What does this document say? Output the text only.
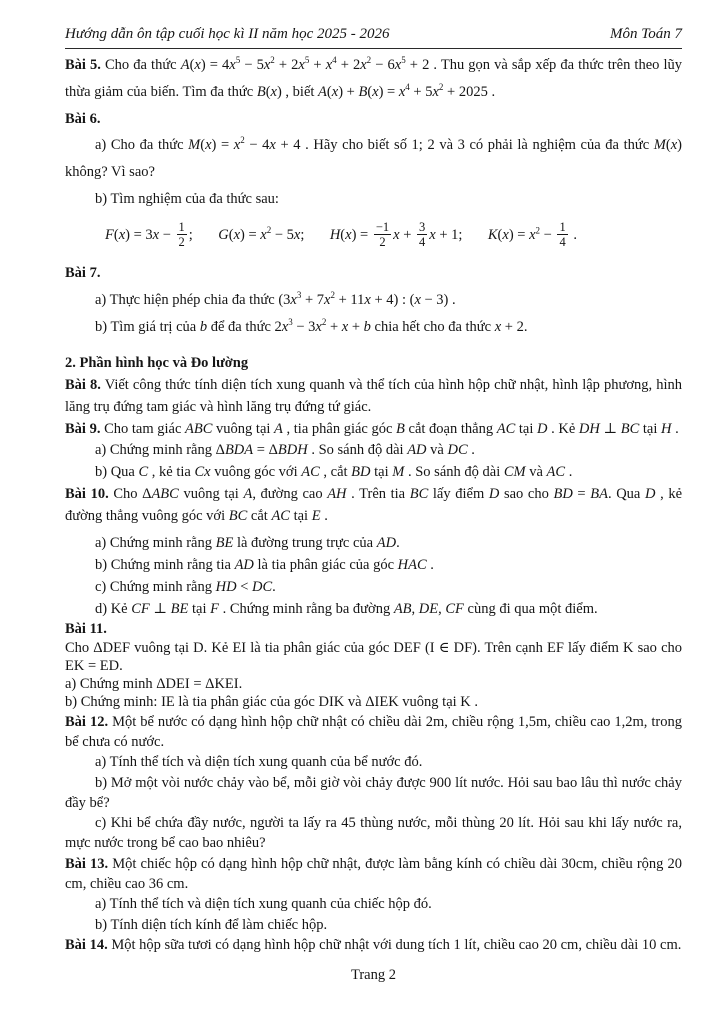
Hướng dẫn ôn tập cuối học kì II năm học 2025 - 2026	Môn Toán 7

Bài 5. Cho đa thức $A(x) = 4x^5 - 5x^2 + 2x^5 + x^4 + 2x^2 - 6x^5 + 2$ . Thu gọn và sắp xếp đa thức trên theo lũy thừa giảm của biến. Tìm đa thức B(x) , biết $A(x) + B(x) = x^4 + 5x^2 + 2025$ .

Bài 6.

a) Cho đa thức $M(x) = x^2 - 4x + 4$ . Hãy cho biết số 1; 2 và 3 có phải là nghiệm của đa thức M(x) không? Vì sao?

b) Tìm nghiệm của đa thức sau:

$F(x) = 3x - \frac{1}{2}$ ; $G(x) = x^2 - 5x$; $H(x) = \frac{-1}{2}$ $x + \frac{3}{4}$ x + 1; $K(x) = x^2 - \frac{1}{4}$ .

Bài 7.

a) Thực hiện phép chia đa thức $(3x^3 + 7x^2 + 11x + 4)$ : (x − 3) .

b) Tìm giá trị của b để đa thức $2x^3 - 3x^2 + x + b$ chia hết cho đa thức x + 2.

2. Phần hình học và Đo lường

Bài 8. Viết công thức tính diện tích xung quanh và thể tích của hình hộp chữ nhật, hình lập phương, hình lăng trụ đứng tam giác và hình lăng trụ đứng tứ giác.

Bài 9. Cho tam giác ABC vuông tại A , tia phân giác góc B cắt đoạn thẳng AC tại D . Kẻ DH ⊥ BC tại H .

a) Chứng minh rằng ΔBDA = ΔBDH . So sánh độ dài AD và DC .

b) Qua C , kẻ tia Cx vuông góc với AC , cắt BD tại M . So sánh độ dài CM và AC .

Bài 10. Cho ΔABC vuông tại A, đường cao AH . Trên tia BC lấy điểm D sao cho BD = BA. Qua D , kẻ đường thẳng vuông góc với BC cắt AC tại E .

a) Chứng minh rằng BE là đường trung trực của AD.

b) Chứng minh rằng tia AD là tia phân giác của góc HAC .

c) Chứng minh rằng HD < DC.

d) Kẻ CF ⊥ BE tại F . Chứng minh rằng ba đường AB, DE, CF cùng đi qua một điểm.

Bài 11.

Cho ΔDEF vuông tại D. Kẻ EI là tia phân giác của góc DEF (I ∈ DF). Trên cạnh EF lấy điểm K sao cho EK = ED.

a) Chứng minh ΔDEI = ΔKEI.

b) Chứng minh: IE là tia phân giác của góc DIK và ΔIEK vuông tại K .

Bài 12. Một bể nước có dạng hình hộp chữ nhật có chiều dài 2m, chiều rộng 1,5m, chiều cao 1,2m, trong bể chưa có nước.

a) Tính thể tích và diện tích xung quanh của bể nước đó.

b) Mở một vòi nước chảy vào bể, mỗi giờ vòi chảy được 900 lít nước. Hỏi sau bao lâu thì nước chảy đầy bể?

c) Khi bể chứa đầy nước, người ta lấy ra 45 thùng nước, mỗi thùng 20 lít. Hỏi sau khi lấy nước ra, mực nước trong bể cao bao nhiêu?

Bài 13. Một chiếc hộp có dạng hình hộp chữ nhật, được làm bằng kính có chiều dài 30cm, chiều rộng 20 cm, chiều cao 36 cm.

a) Tính thể tích và diện tích xung quanh của chiếc hộp đó.

b) Tính diện tích kính để làm chiếc hộp.

Bài 14. Một hộp sữa tươi có dạng hình hộp chữ nhật với dung tích 1 lít, chiều cao 20 cm, chiều dài 10 cm.

Trang 2
